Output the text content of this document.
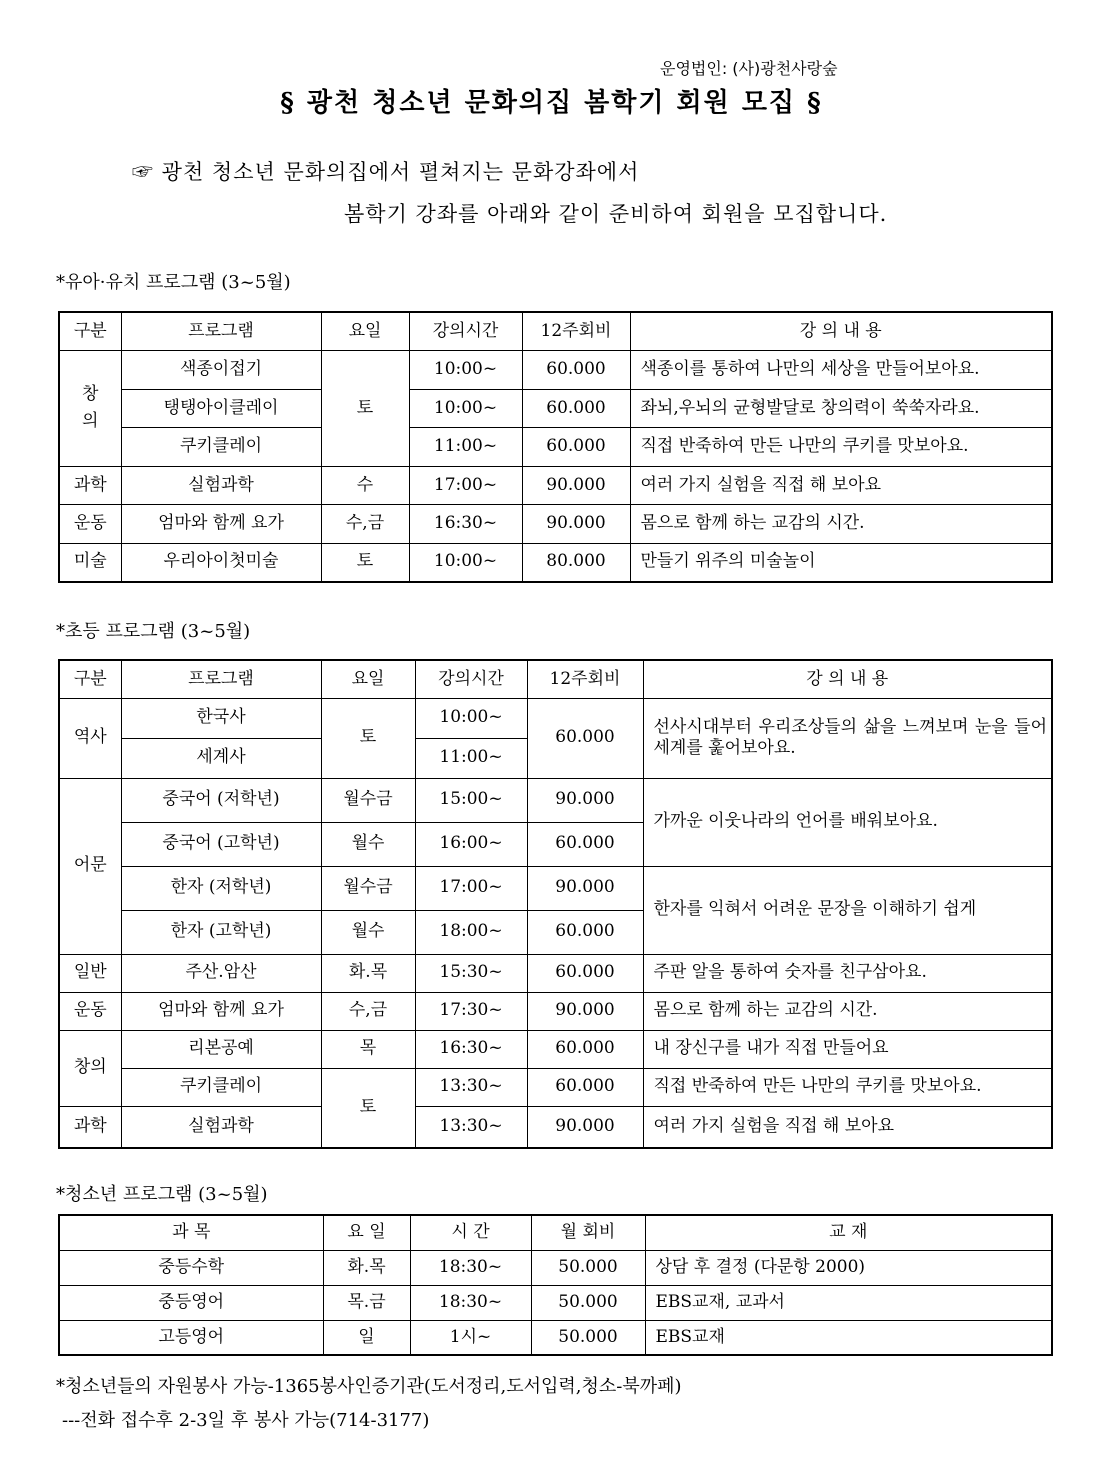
운영법인: (사)광천사랑숲
§ 광천 청소년 문화의집 봄학기 회원 모집 §
☞ 광천 청소년 문화의집에서 펼쳐지는 문화강좌에서
봄학기 강좌를 아래와 같이 준비하여 회원을 모집합니다.
*유아·유치 프로그램 (3~5월)
구분	프로그램	요일	강의시간	12주회비	강 의 내 용
창
의	색종이접기	토	10:00~	60.000	색종이를 통하여 나만의 세상을 만들어보아요.
	탱탱아이클레이		10:00~	60.000	좌뇌,우뇌의 균형발달로 창의력이 쑥쑥자라요.
	쿠키클레이		11:00~	60.000	직접 반죽하여 만든 나만의 쿠키를 맛보아요.
과학	실험과학	수	17:00~	90.000	여러 가지 실험을 직접 해 보아요
운동	엄마와 함께 요가	수,금	16:30~	90.000	몸으로 함께 하는 교감의 시간.
미술	우리아이첫미술	토	10:00~	80.000	만들기 위주의 미술놀이
*초등 프로그램 (3~5월)
구분	프로그램	요일	강의시간	12주회비	강 의 내 용
역사	한국사	토	10:00~	60.000	선사시대부터 우리조상들의 삶을 느껴보며 눈을 들어 세계를 훑어보아요.
	세계사		11:00~		
어문	중국어 (저학년)	월수금	15:00~	90.000	가까운 이웃나라의 언어를 배워보아요.
	중국어 (고학년)	월수	16:00~	60.000	
	한자 (저학년)	월수금	17:00~	90.000	한자를 익혀서 어려운 문장을 이해하기 쉽게
	한자 (고학년)	월수	18:00~	60.000	
일반	주산.암산	화.목	15:30~	60.000	주판 알을 통하여 숫자를 친구삼아요.
운동	엄마와 함께 요가	수,금	17:30~	90.000	몸으로 함께 하는 교감의 시간.
창의	리본공예	목	16:30~	60.000	내 장신구를 내가 직접 만들어요
	쿠키클레이	토	13:30~	60.000	직접 반죽하여 만든 나만의 쿠키를 맛보아요.
과학	실험과학		13:30~	90.000	여러 가지 실험을 직접 해 보아요
*청소년 프로그램 (3~5월)
과 목	요 일	시 간	월 회비	교 재
중등수학	화.목	18:30~	50.000	상담 후 결정 (다문항 2000)
중등영어	목.금	18:30~	50.000	EBS교재, 교과서
고등영어	일	1시~	50.000	EBS교재
*청소년들의 자원봉사 가능-1365봉사인증기관(도서정리,도서입력,청소-북까페)
---전화 접수후 2-3일 후 봉사 가능(714-3177)
